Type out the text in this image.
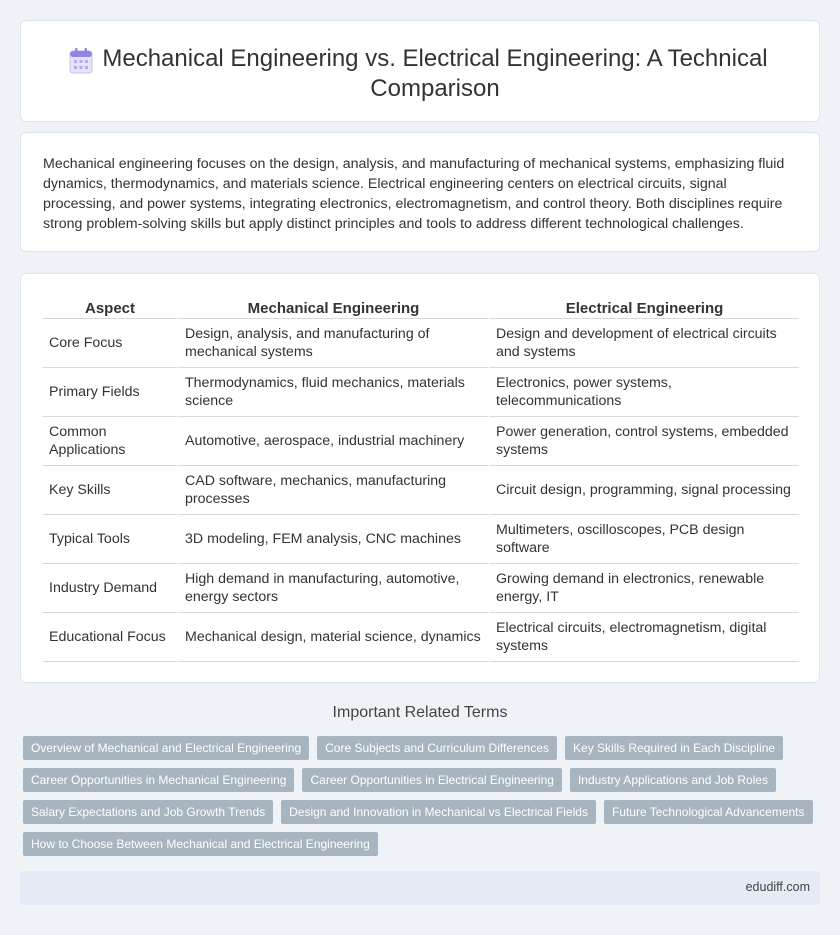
Mechanical Engineering vs. Electrical Engineering: A Technical Comparison

Mechanical engineering focuses on the design, analysis, and manufacturing of mechanical systems, emphasizing fluid dynamics, thermodynamics, and materials science. Electrical engineering centers on electrical circuits, signal processing, and power systems, integrating electronics, electromagnetism, and control theory. Both disciplines require strong problem-solving skills but apply distinct principles and tools to address different technological challenges.

Aspect	Mechanical Engineering	Electrical Engineering
Core Focus	Design, analysis, and manufacturing of mechanical systems	Design and development of electrical circuits and systems
Primary Fields	Thermodynamics, fluid mechanics, materials science	Electronics, power systems, telecommunications
Common Applications	Automotive, aerospace, industrial machinery	Power generation, control systems, embedded systems
Key Skills	CAD software, mechanics, manufacturing processes	Circuit design, programming, signal processing
Typical Tools	3D modeling, FEM analysis, CNC machines	Multimeters, oscilloscopes, PCB design software
Industry Demand	High demand in manufacturing, automotive, energy sectors	Growing demand in electronics, renewable energy, IT
Educational Focus	Mechanical design, material science, dynamics	Electrical circuits, electromagnetism, digital systems
Important Related Terms
Overview of Mechanical and Electrical Engineering	Core Subjects and Curriculum Differences	Key Skills Required in Each Discipline
Career Opportunities in Mechanical Engineering	Career Opportunities in Electrical Engineering	Industry Applications and Job Roles
Salary Expectations and Job Growth Trends	Design and Innovation in Mechanical vs Electrical Fields	Future Technological Advancements
How to Choose Between Mechanical and Electrical Engineering
edudiff.com
